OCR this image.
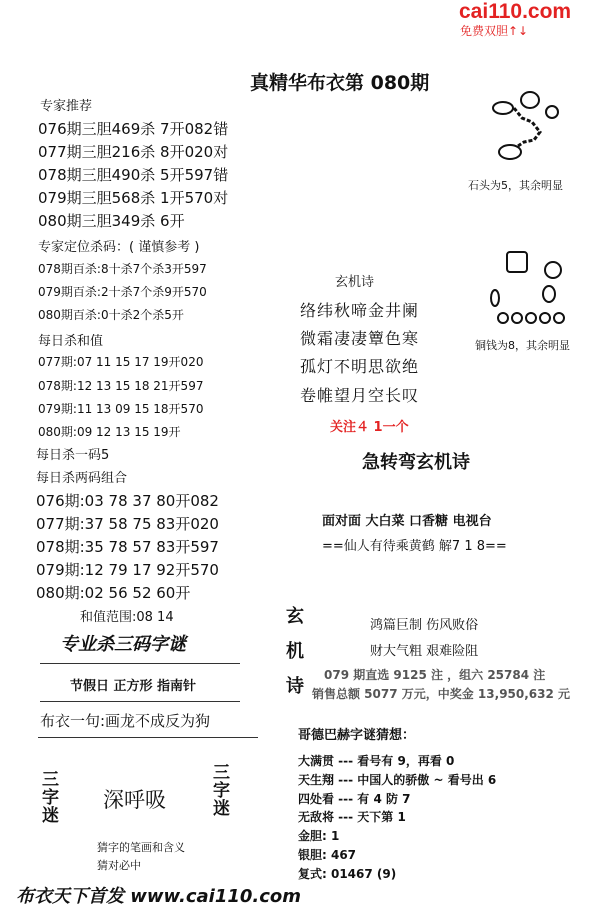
cai110.com
免费双胆↑↓
真精华布衣第 080期
专家推荐
076期三胆469杀 7开082错
077期三胆216杀 8开020对
078期三胆490杀 5开597错
079期三胆568杀 1开570对
080期三胆349杀 6开
专家定位杀码：( 谨慎参考 )
078期百杀:8十杀7个杀3开597
079期百杀:2十杀7个杀9开570
080期百杀:0十杀2个杀5开
每日杀和值
077期:07 11 15 17 19开020
078期:12 13 15 18 21开597
079期:11 13 09 15 18开570
080期:09 12 13 15 19开
每日杀一码5
每日杀两码组合
076期:03 78 37 80开082
077期:37 58 75 83开020
078期:35 78 57 83开597
079期:12 79 17 92开570
080期:02 56 52 60开
和值范围:08 14
专业杀三码字谜
节假日 正方形 指南针
布衣一句:画龙不成反为狗
三
字
迷
深呼吸
三
字
迷
猜字的笔画和含义
猜对必中
布衣天下首发 www.cai110.com
石头为5，其余明显
铜钱为8，其余明显
玄机诗
络纬秋啼金井阑
微霜凄凄簟色寒
孤灯不明思欲绝
卷帷望月空长叹
关注４ 1一个
急转弯玄机诗
面对面 大白菜 口香糖 电视台
==仙人有待乘黄鹤 解7 1 8==
玄
机
诗
鸿篇巨制 伤风败俗
财大气粗 艰难险阻
079 期直选 9125 注 ，组六 25784 注
销售总额 5077 万元，中奖金 13,950,632 元
哥德巴赫字谜猜想：
大满贯 --- 看号有 9，再看 0
天生翔 --- 中国人的骄傲 ~ 看号出 6
四处看 --- 有 4 防 7
无敌将 --- 天下第 1
金胆: 1
银胆: 467
复式: 01467 (9)
